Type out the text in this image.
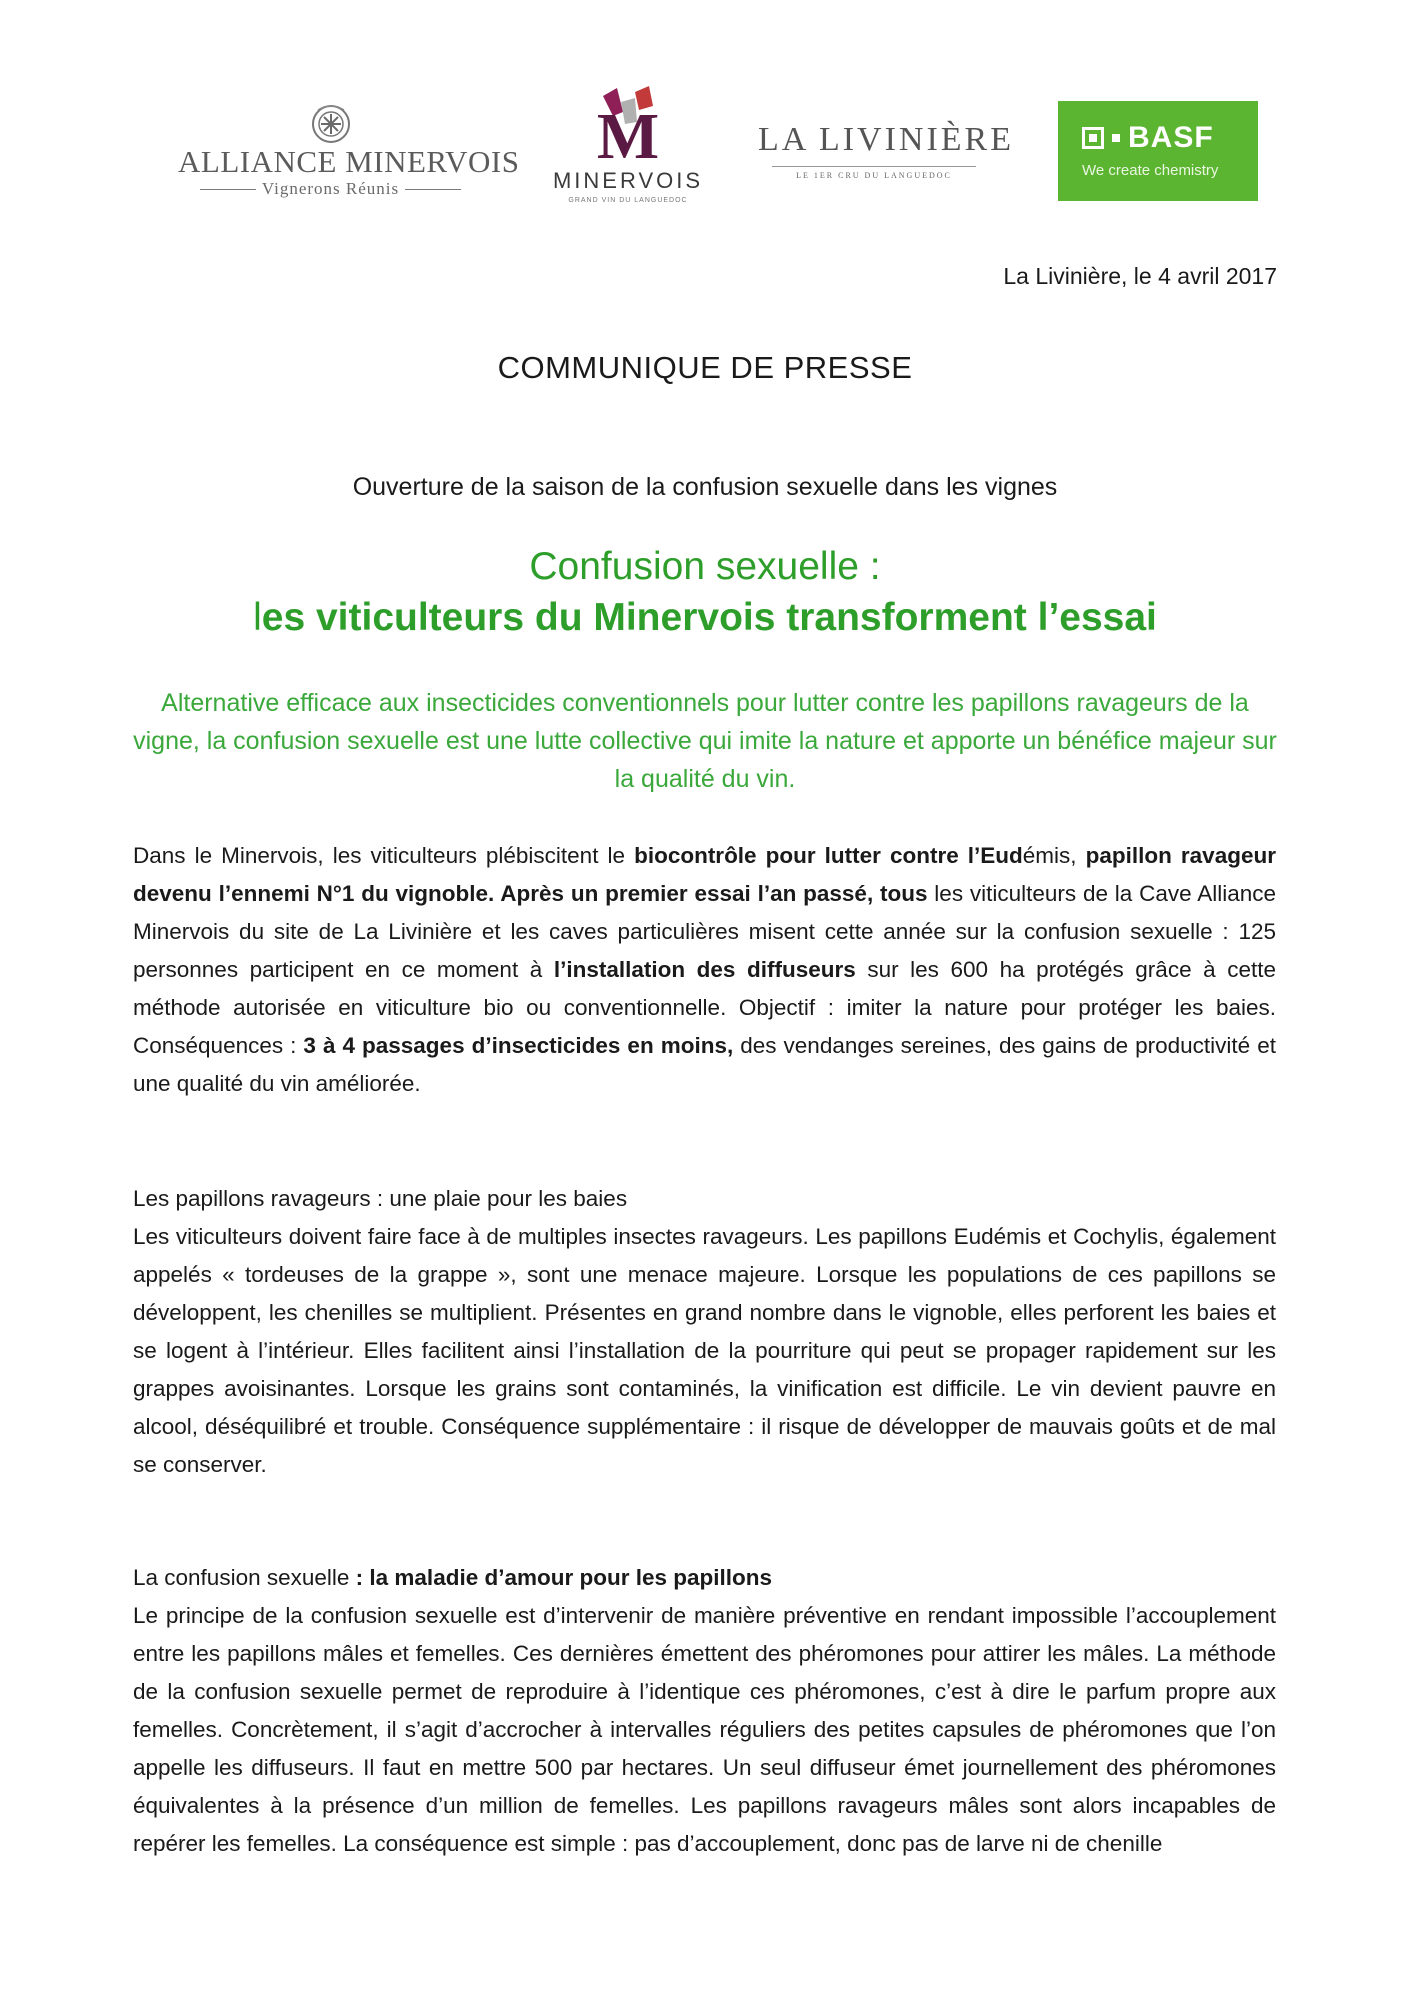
ALLIANCE MINERVOIS
Vignerons Réunis
M
MINERVOIS
GRAND VIN DU LANGUEDOC
LA LIVINIÈRE
LE 1ER CRU DU LANGUEDOC
BASF
We create chemistry
La Livinière, le 4 avril 2017
COMMUNIQUE DE PRESSE
Ouverture de la saison de la confusion sexuelle dans les vignes
Confusion sexuelle :
les viticulteurs du Minervois transforment l’essai
Alternative efficace aux insecticides conventionnels pour lutter contre les papillons ravageurs de la vigne, la confusion sexuelle est une lutte collective qui imite la nature et apporte un bénéfice majeur sur la qualité du vin.
Dans le Minervois, les viticulteurs plébiscitent le biocontrôle pour lutter contre l’Eudémis, papillon ravageur devenu l’ennemi N°1 du vignoble. Après un premier essai l’an passé, tous les viticulteurs de la Cave Alliance Minervois du site de La Livinière et les caves particulières misent cette année sur la confusion sexuelle : 125 personnes participent en ce moment à l’installation des diffuseurs sur les 600 ha protégés grâce à cette méthode autorisée en viticulture bio ou conventionnelle. Objectif : imiter la nature pour protéger les baies. Conséquences : 3 à 4 passages d’insecticides en moins, des vendanges sereines, des gains de productivité et une qualité du vin améliorée.
Les papillons ravageurs : une plaie pour les baies
Les viticulteurs doivent faire face à de multiples insectes ravageurs. Les papillons Eudémis et Cochylis, également appelés « tordeuses de la grappe », sont une menace majeure. Lorsque les populations de ces papillons se développent, les chenilles se multiplient. Présentes en grand nombre dans le vignoble, elles perforent les baies et se logent à l’intérieur. Elles facilitent ainsi l’installation de la pourriture qui peut se propager rapidement sur les grappes avoisinantes. Lorsque les grains sont contaminés, la vinification est difficile. Le vin devient pauvre en alcool, déséquilibré et trouble. Conséquence supplémentaire : il risque de développer de mauvais goûts et de mal se conserver.
La confusion sexuelle : la maladie d’amour pour les papillons
Le principe de la confusion sexuelle est d’intervenir de manière préventive en rendant impossible l’accouplement entre les papillons mâles et femelles. Ces dernières émettent des phéromones pour attirer les mâles. La méthode de la confusion sexuelle permet de reproduire à l’identique ces phéromones, c’est à dire le parfum propre aux femelles. Concrètement, il s’agit d’accrocher à intervalles réguliers des petites capsules de phéromones que l’on appelle les diffuseurs. Il faut en mettre 500 par hectares. Un seul diffuseur émet journellement des phéromones équivalentes à la présence d’un million de femelles. Les papillons ravageurs mâles sont alors incapables de repérer les femelles. La conséquence est simple : pas d’accouplement, donc pas de larve ni de chenille
